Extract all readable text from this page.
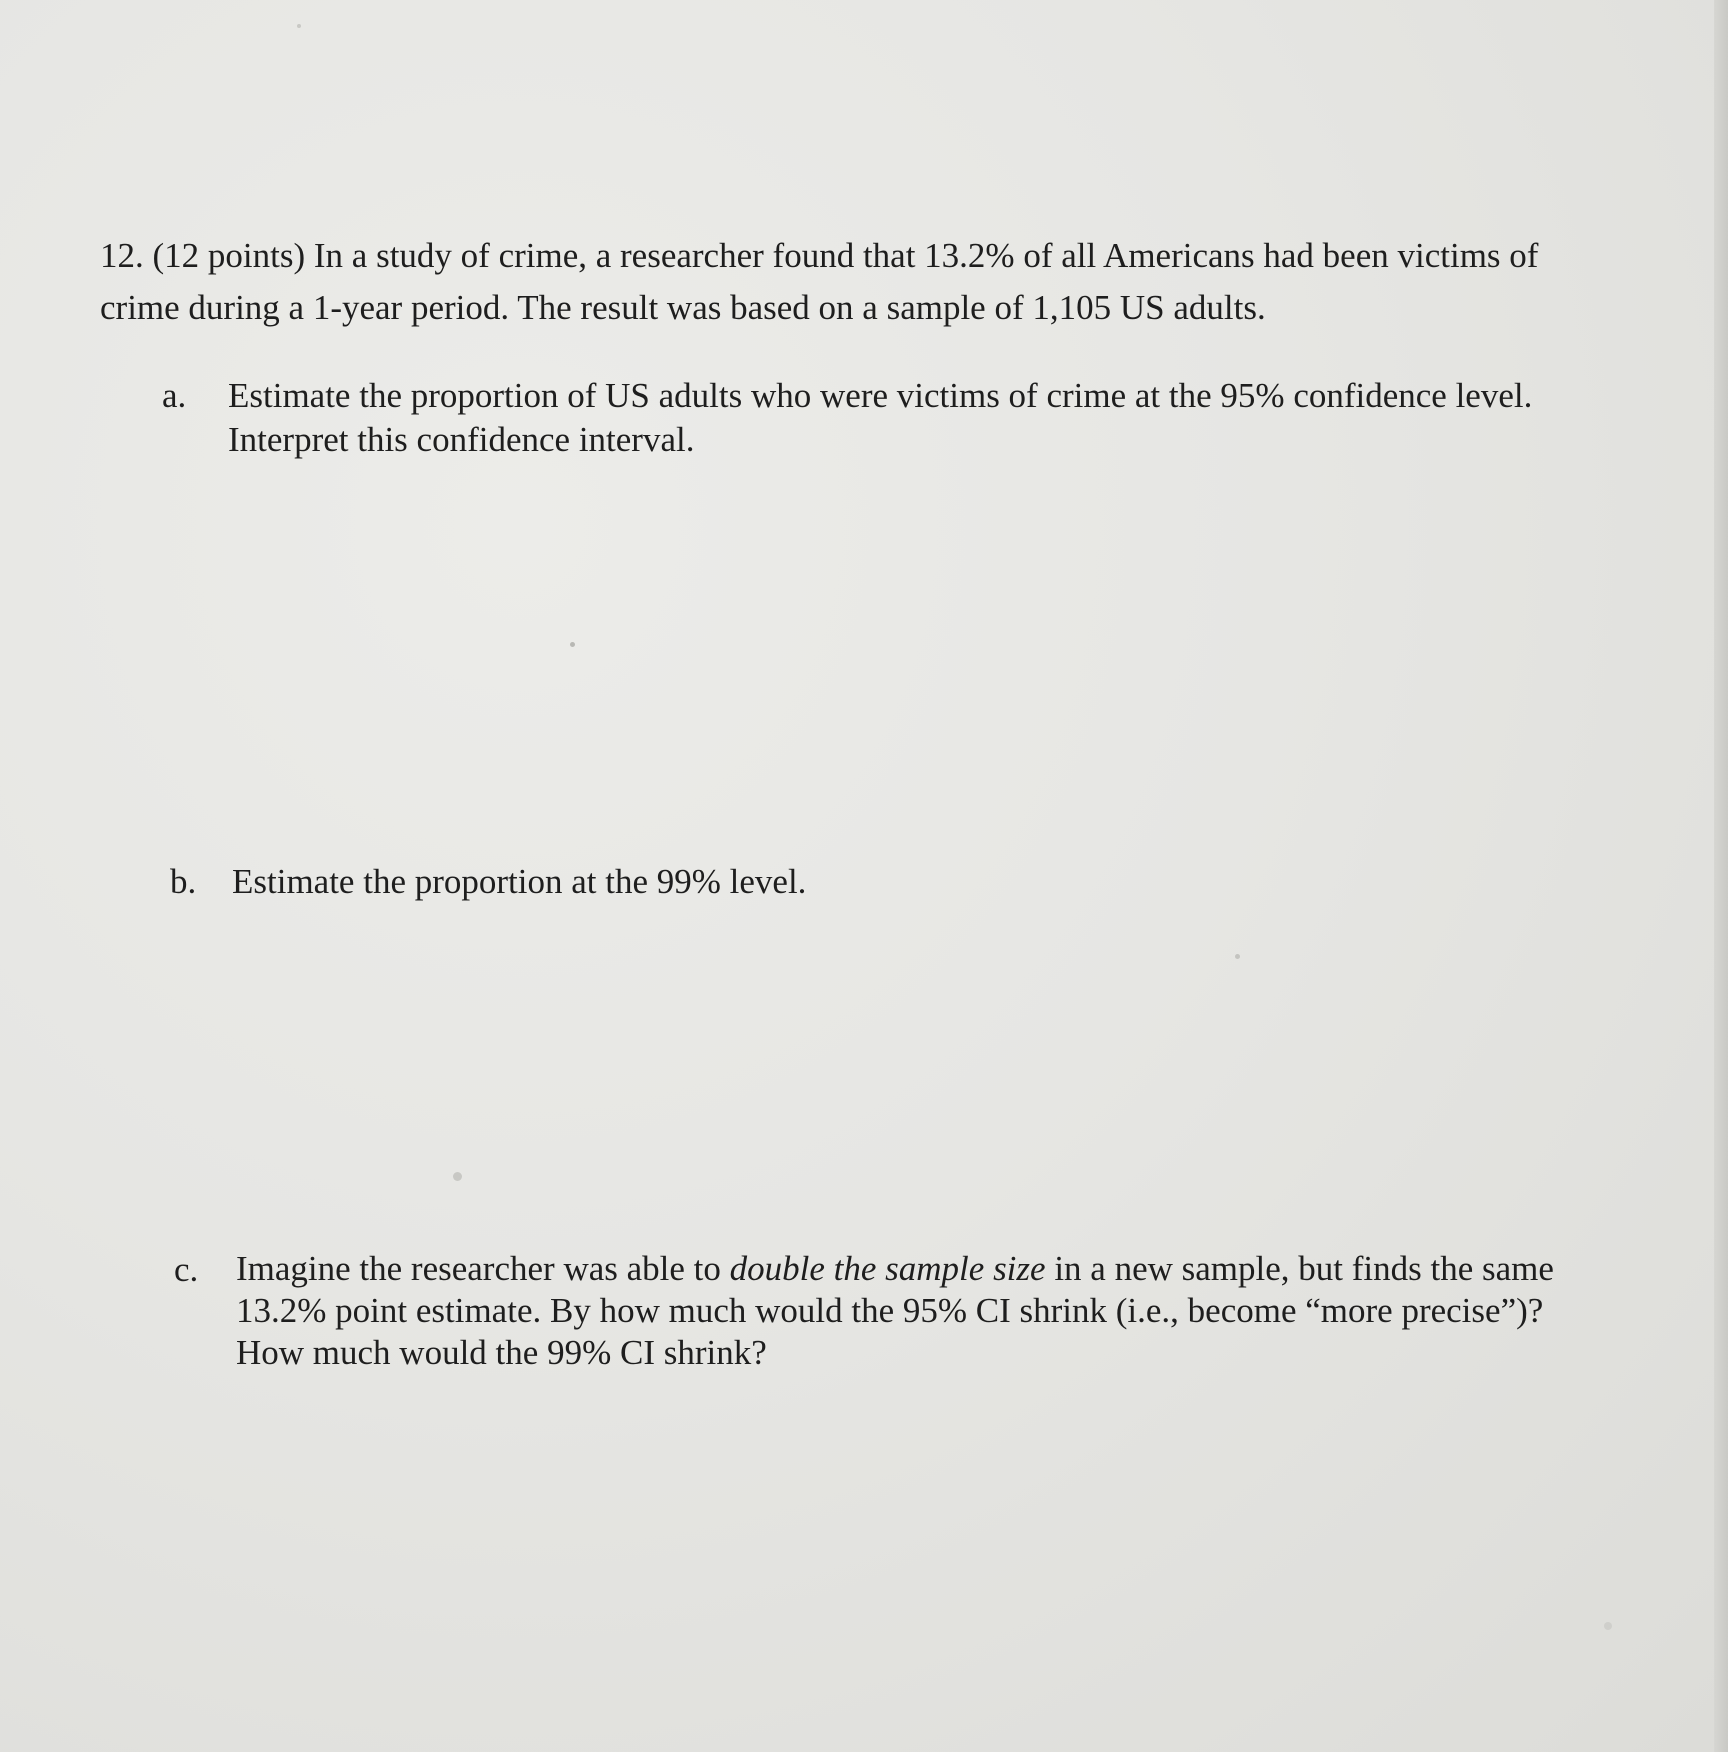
12. (12 points) In a study of crime, a researcher found that 13.2% of all Americans had been victims of
crime during a 1-year period. The result was based on a sample of 1,105 US adults.
a. Estimate the proportion of US adults who were victims of crime at the 95% confidence level.
Interpret this confidence interval.
b. Estimate the proportion at the 99% level.
c. Imagine the researcher was able to double the sample size in a new sample, but finds the same
13.2% point estimate. By how much would the 95% CI shrink (i.e., become “more precise”)?
How much would the 99% CI shrink?
